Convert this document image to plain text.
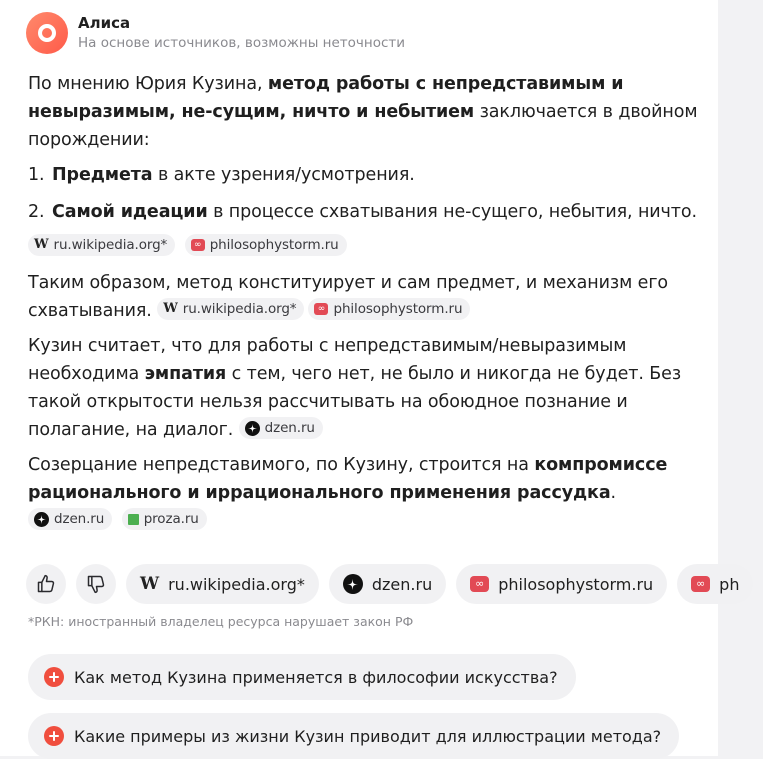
Алиса
На основе источников, возможны неточности
По мнению Юрия Кузина, метод работы с непредставимым и невыразимым, не-сущим, ничто и небытием заключается в двойном порождении:
1. Предмета в акте узрения/усмотрения.
2. Самой идеации в процессе схватывания не-сущего, небытия, ничто.
W ru.wikipedia.org*
	∞ philosophystorm.ru
Таким образом, метод конституирует и сам предмет, и механизм его схватывания. W ru.wikipedia.org*	∞ philosophystorm.ru
Кузин считает, что для работы с непредставимым/невыразимым необходима эмпатия с тем, чего нет, не было и никогда не будет. Без такой открытости нельзя рассчитывать на обоюдное познание и полагание, на диалог. dzen.ru
Созерцание непредставимого, по Кузину, строится на компромиссе рационального и иррационального применения рассудка.
dzen.ru
	proza.ru
W ru.wikipedia.org*	dzen.ru	∞ philosophystorm.ru	∞ ph
*РКН: иностранный владелец ресурса нарушает закон РФ
Как метод Кузина применяется в философии искусства?
Какие примеры из жизни Кузин приводит для иллюстрации метода?
